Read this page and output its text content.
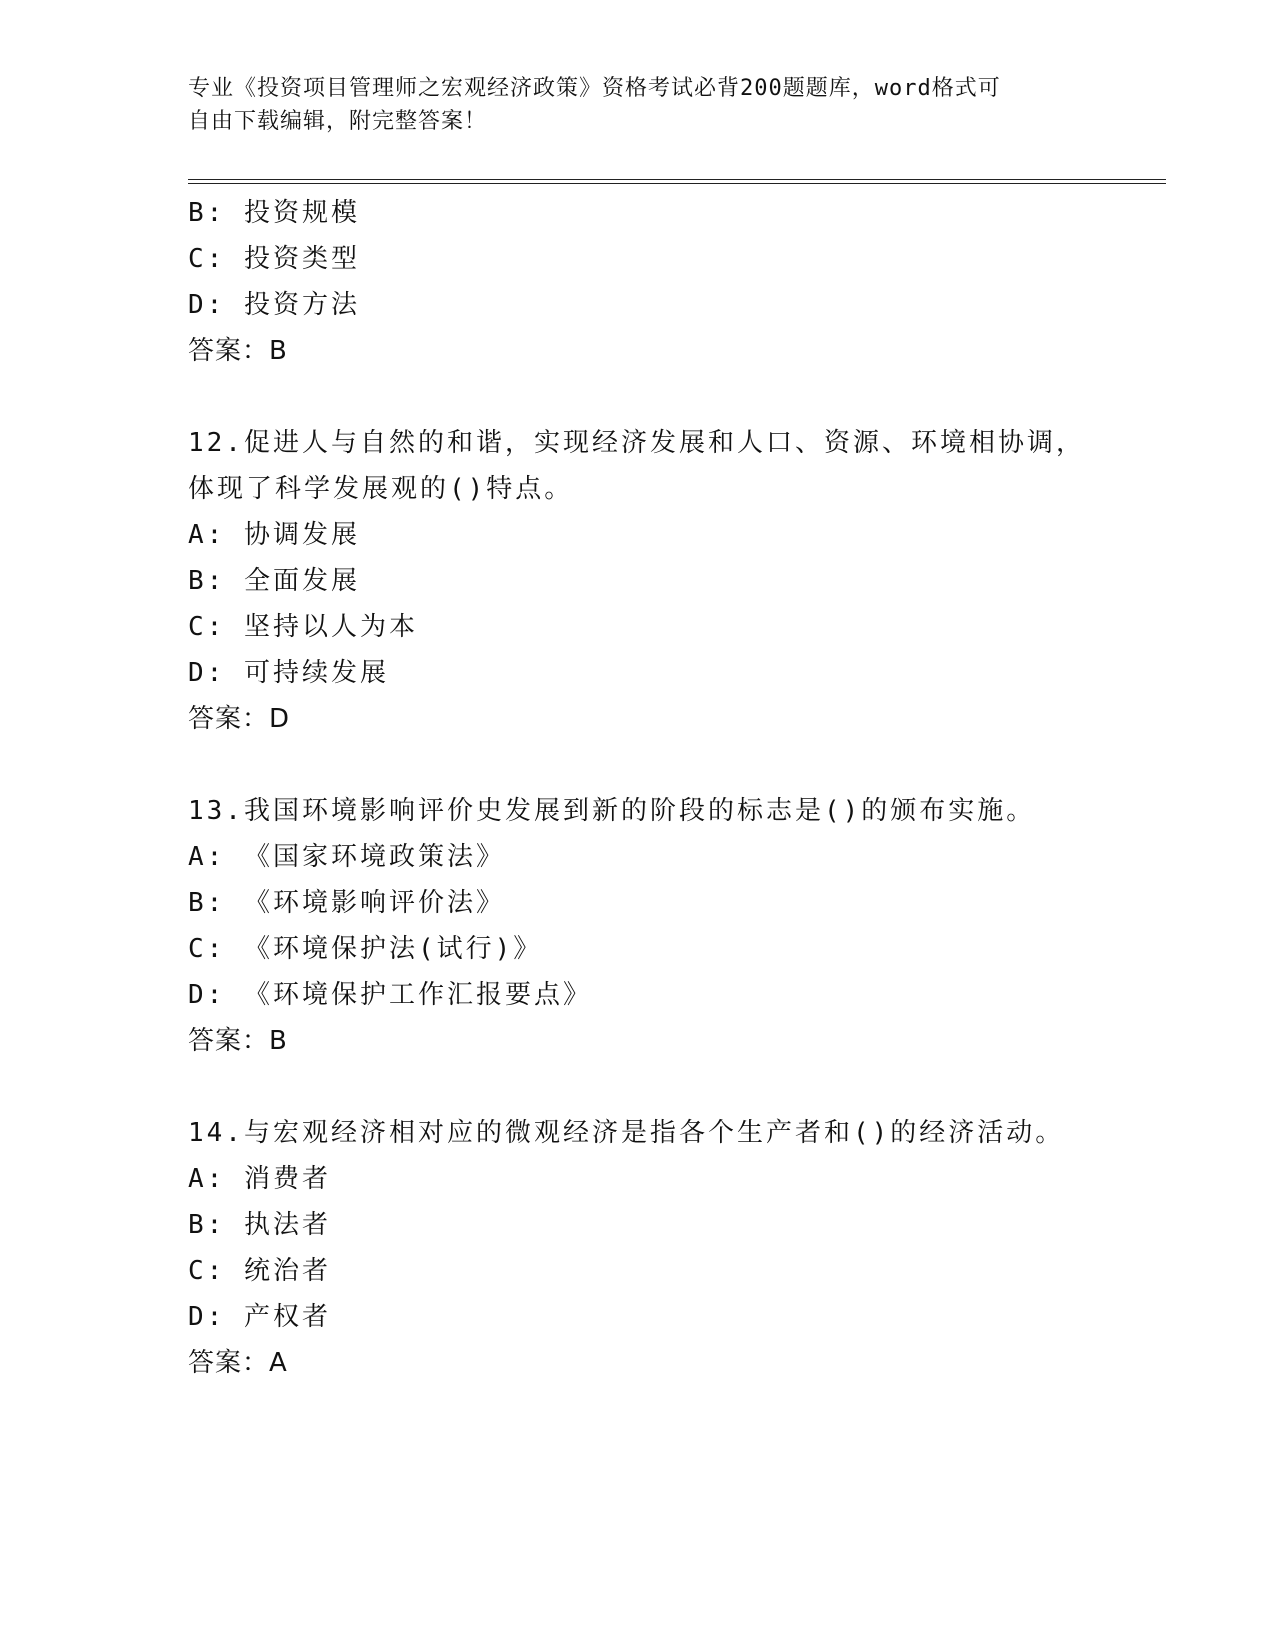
专业《投资项目管理师之宏观经济政策》资格考试必背200题题库，word格式可
自由下载编辑，附完整答案！
B: 投资规模
C: 投资类型
D: 投资方法
答案：B
12.促进人与自然的和谐，实现经济发展和人口、资源、环境相协调，
体现了科学发展观的()特点。
A: 协调发展
B: 全面发展
C: 坚持以人为本
D: 可持续发展
答案：D
13.我国环境影响评价史发展到新的阶段的标志是()的颁布实施。
A: 《国家环境政策法》
B: 《环境影响评价法》
C: 《环境保护法(试行)》
D: 《环境保护工作汇报要点》
答案：B
14.与宏观经济相对应的微观经济是指各个生产者和()的经济活动。
A: 消费者
B: 执法者
C: 统治者
D: 产权者
答案：A
